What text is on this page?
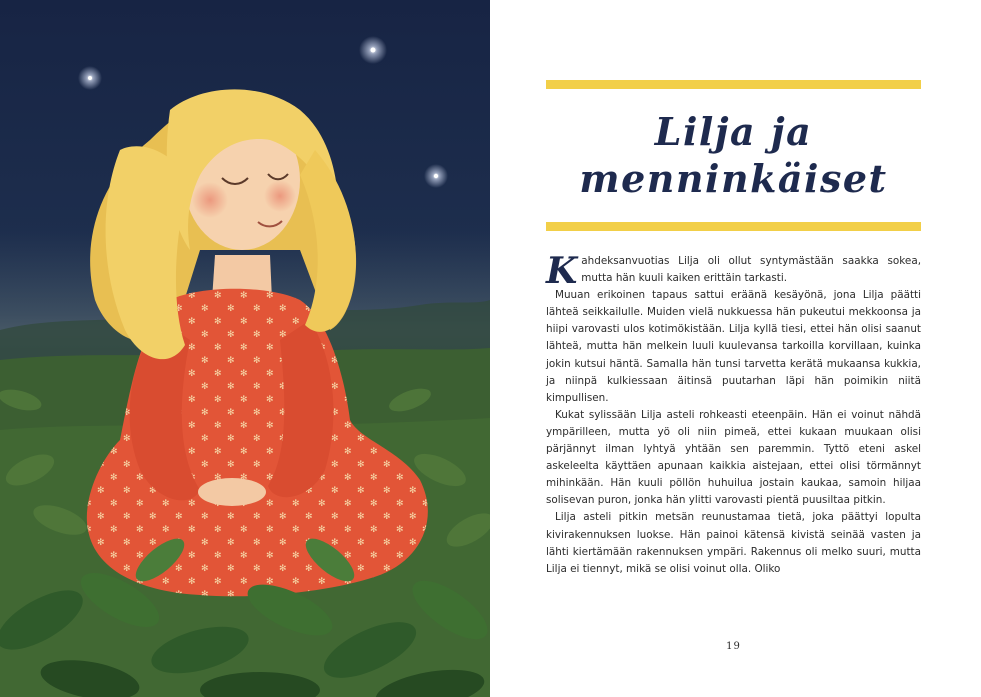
Lilja ja
menninkäiset

Kahdeksanvuotias Lilja oli ollut syntymästään saakka sokea, mutta hän kuuli kaiken erittäin tarkasti.

Muuan erikoinen tapaus sattui eräänä kesäyönä, jona Lilja päätti lähteä seikkailulle. Muiden vielä nukkuessa hän pukeutui mekkoonsa ja hiipi varovasti ulos kotimökistään. Lilja kyllä tiesi, ettei hän olisi saanut lähteä, mutta hän melkein luuli kuulevansa tarkoilla korvillaan, kuinka jokin kutsui häntä. Samalla hän tunsi tarvetta kerätä mukaansa kukkia, ja niinpä kulkiessaan äitinsä puutarhan läpi hän poimikin niitä kimpullisen.

Kukat sylissään Lilja asteli rohkeasti eteenpäin. Hän ei voinut nähdä ympärilleen, mutta yö oli niin pimeä, ettei kukaan muukaan olisi pärjännyt ilman lyhtyä yhtään sen paremmin. Tyttö eteni askel askeleelta käyttäen apunaan kaikkia aistejaan, ettei olisi törmännyt mihinkään. Hän kuuli pöllön huhuilua jostain kaukaa, samoin hiljaa solisevan puron, jonka hän ylitti varovasti pientä puusiltaa pitkin.

Lilja asteli pitkin metsän reunustamaa tietä, joka päättyi lopulta kivirakennuksen luokse. Hän painoi kätensä kivistä seinää vasten ja lähti kiertämään rakennuksen ympäri. Rakennus oli melko suuri, mutta Lilja ei tiennyt, mikä se olisi voinut olla. Oliko

19
